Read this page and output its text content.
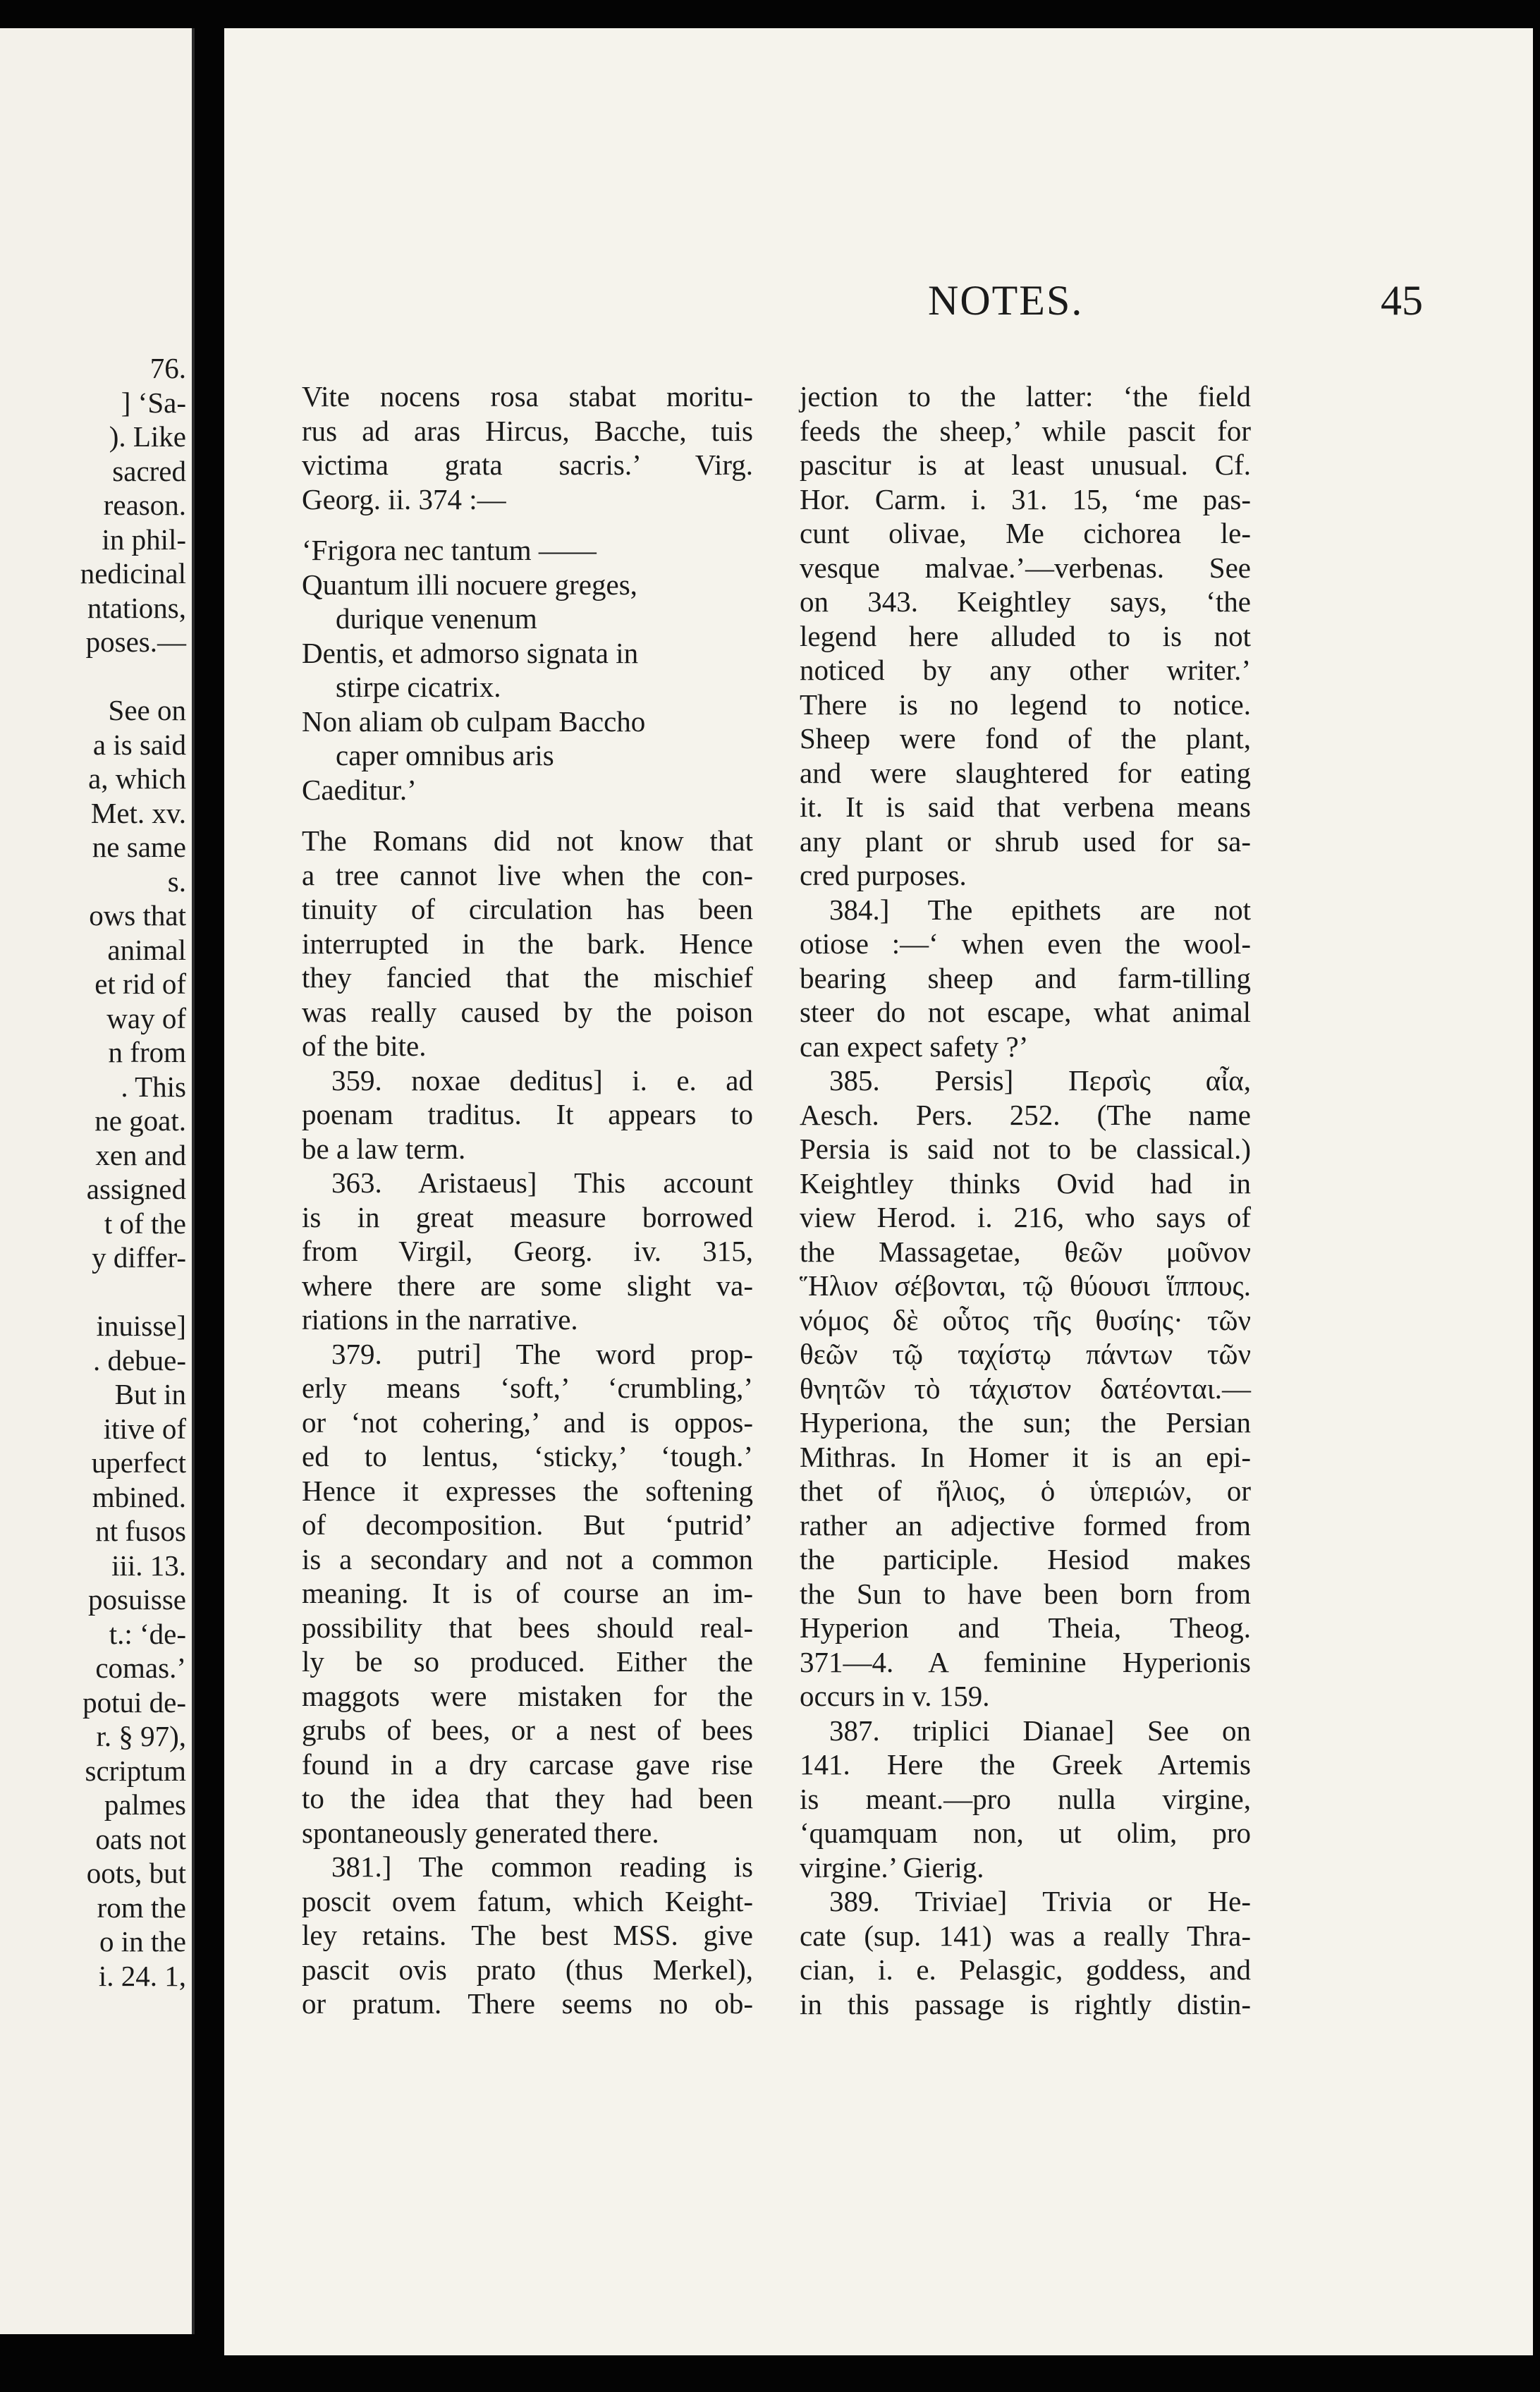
76.
] ‘Sa-
). Like
sacred
reason.
in phil-
nedicinal
ntations,
poses.—
See on
a is said
a, which
Met. xv.
ne same
s.
ows that
animal
et rid of
way of
n from
. This
ne goat.
xen and
assigned
t of the
y differ-
inuisse]
. debue-
But in
itive of
uperfect
mbined.
nt fusos
iii. 13.
posuisse
t.: ‘de-
comas.’
potui de-
r. § 97),
scriptum
palmes
oats not
oots, but
rom the
o in the
i. 24. 1,
NOTES.	45
Vite nocens rosa stabat moritu-
rus ad aras Hircus, Bacche, tuis
victima grata sacris.’ Virg.
Georg. ii. 374 :—
‘Frigora nec tantum ——
Quantum illi nocuere greges,
durique venenum
Dentis, et admorso signata in
stirpe cicatrix.
Non aliam ob culpam Baccho
caper omnibus aris
Caeditur.’
The Romans did not know that
a tree cannot live when the con-
tinuity of circulation has been
interrupted in the bark. Hence
they fancied that the mischief
was really caused by the poison
of the bite.
359. noxae deditus] i. e. ad
poenam traditus. It appears to
be a law term.
363. Aristaeus] This account
is in great measure borrowed
from Virgil, Georg. iv. 315,
where there are some slight va-
riations in the narrative.
379. putri] The word prop-
erly means ‘soft,’ ‘crumbling,’
or ‘not cohering,’ and is oppos-
ed to lentus, ‘sticky,’ ‘tough.’
Hence it expresses the softening
of decomposition. But ‘putrid’
is a secondary and not a common
meaning. It is of course an im-
possibility that bees should real-
ly be so produced. Either the
maggots were mistaken for the
grubs of bees, or a nest of bees
found in a dry carcase gave rise
to the idea that they had been
spontaneously generated there.
381.] The common reading is
poscit ovem fatum, which Keight-
ley retains. The best MSS. give
pascit ovis prato (thus Merkel),
or pratum. There seems no ob-
jection to the latter: ‘the field
feeds the sheep,’ while pascit for
pascitur is at least unusual. Cf.
Hor. Carm. i. 31. 15, ‘me pas-
cunt olivae, Me cichorea le-
vesque malvae.’—verbenas. See
on 343. Keightley says, ‘the
legend here alluded to is not
noticed by any other writer.’
There is no legend to notice.
Sheep were fond of the plant,
and were slaughtered for eating
it. It is said that verbena means
any plant or shrub used for sa-
cred purposes.
384.] The epithets are not
otiose :—‘ when even the wool-
bearing sheep and farm-tilling
steer do not escape, what animal
can expect safety ?’
385. Persis] Περσὶς αἶα,
Aesch. Pers. 252. (The name
Persia is said not to be classical.)
Keightley thinks Ovid had in
view Herod. i. 216, who says of
the Massagetae, θεῶν μοῦνον
Ἥλιον σέβονται, τῷ θύουσι ἵππους.
νόμος δὲ οὗτος τῆς θυσίης· τῶν
θεῶν τῷ ταχίστῳ πάντων τῶν
θνητῶν τὸ τάχιστον δατέονται.—
Hyperiona, the sun; the Persian
Mithras. In Homer it is an epi-
thet of ἥλιος, ὁ ὑπεριών, or
rather an adjective formed from
the participle. Hesiod makes
the Sun to have been born from
Hyperion and Theia, Theog.
371—4. A feminine Hyperionis
occurs in v. 159.
387. triplici Dianae] See on
141. Here the Greek Artemis
is meant.—pro nulla virgine,
‘quamquam non, ut olim, pro
virgine.’ Gierig.
389. Triviae] Trivia or He-
cate (sup. 141) was a really Thra-
cian, i. e. Pelasgic, goddess, and
in this passage is rightly distin-
